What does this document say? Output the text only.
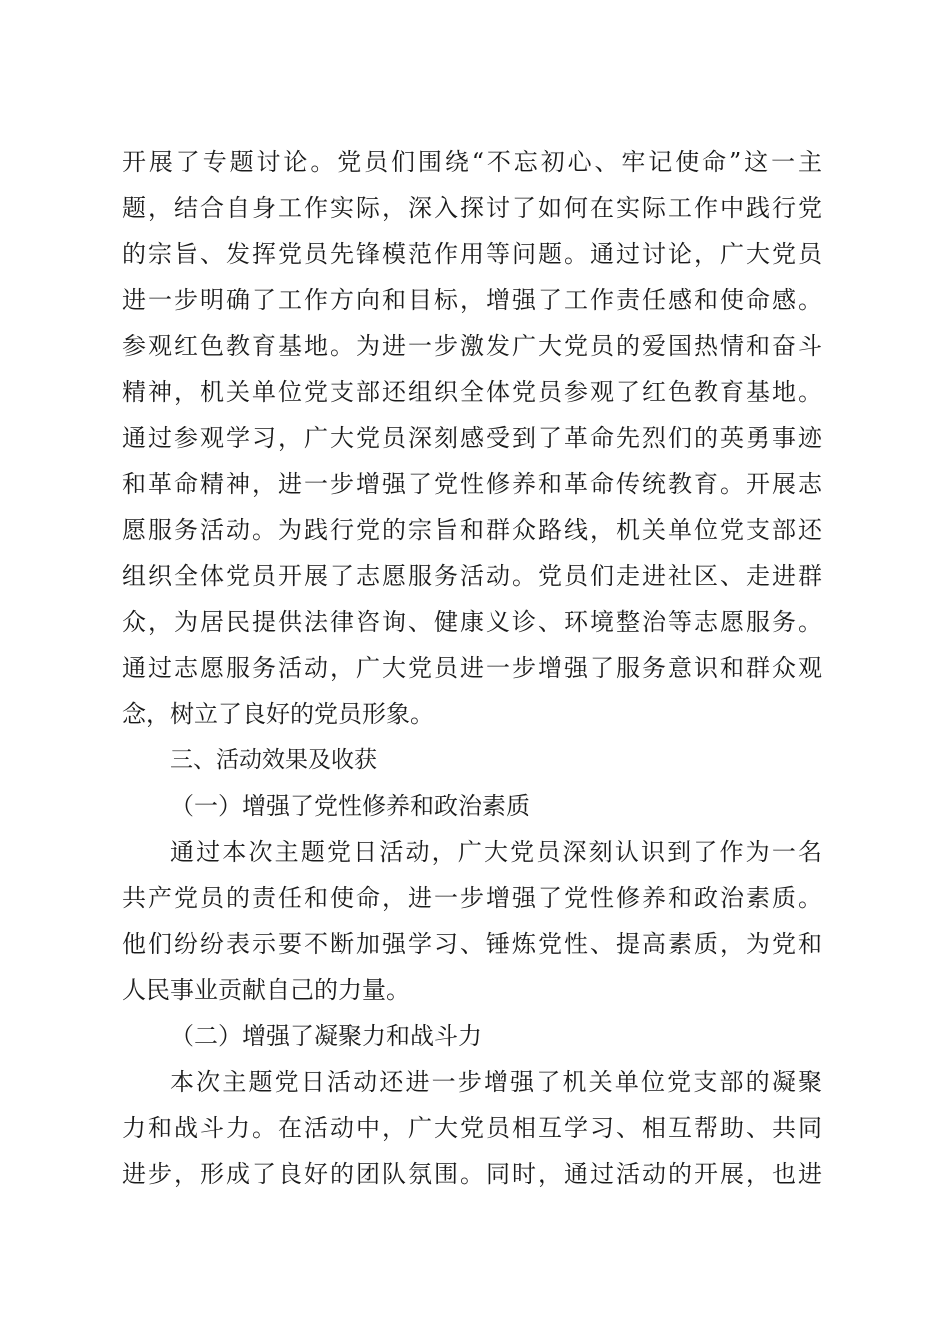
开展了专题讨论。党员们围绕“不忘初心、牢记使命”这一主
题，结合自身工作实际，深入探讨了如何在实际工作中践行党
的宗旨、发挥党员先锋模范作用等问题。通过讨论，广大党员
进一步明确了工作方向和目标，增强了工作责任感和使命感。
参观红色教育基地。为进一步激发广大党员的爱国热情和奋斗
精神，机关单位党支部还组织全体党员参观了红色教育基地。
通过参观学习，广大党员深刻感受到了革命先烈们的英勇事迹
和革命精神，进一步增强了党性修养和革命传统教育。开展志
愿服务活动。为践行党的宗旨和群众路线，机关单位党支部还
组织全体党员开展了志愿服务活动。党员们走进社区、走进群
众，为居民提供法律咨询、健康义诊、环境整治等志愿服务。
通过志愿服务活动，广大党员进一步增强了服务意识和群众观
念，树立了良好的党员形象。
三、活动效果及收获
（一）增强了党性修养和政治素质
通过本次主题党日活动，广大党员深刻认识到了作为一名
共产党员的责任和使命，进一步增强了党性修养和政治素质。
他们纷纷表示要不断加强学习、锤炼党性、提高素质，为党和
人民事业贡献自己的力量。
（二）增强了凝聚力和战斗力
本次主题党日活动还进一步增强了机关单位党支部的凝聚
力和战斗力。在活动中，广大党员相互学习、相互帮助、共同
进步，形成了良好的团队氛围。同时，通过活动的开展，也进
